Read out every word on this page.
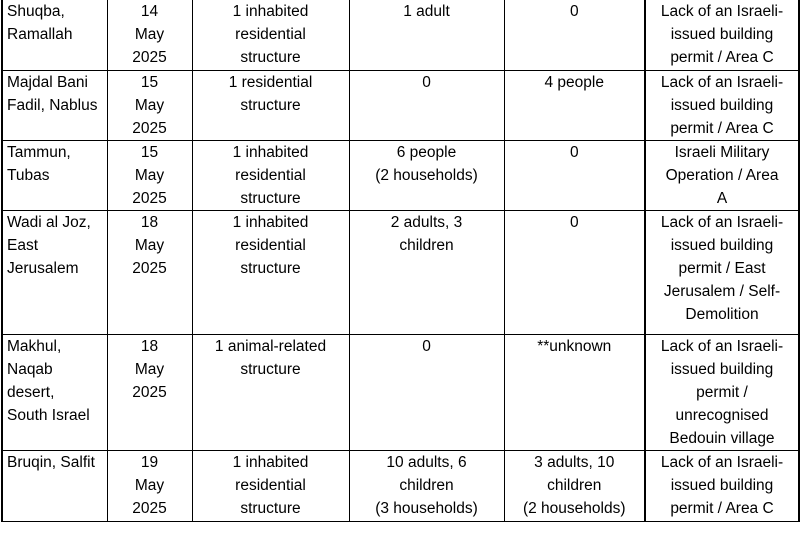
Shuqba,
Ramallah	14
May
2025	1 inhabited
residential
structure	1 adult	0	Lack of an Israeli-
issued building
permit / Area C
Majdal Bani
Fadil, Nablus	15
May
2025	1 residential
structure	0	4 people	Lack of an Israeli-
issued building
permit / Area C
Tammun,
Tubas	15
May
2025	1 inhabited
residential
structure	6 people
(2 households)	0	Israeli Military
Operation / Area
A
Wadi al Joz,
East
Jerusalem	18
May
2025	1 inhabited
residential
structure	2 adults, 3
children	0	Lack of an Israeli-
issued building
permit / East
Jerusalem / Self-
Demolition
Makhul,
Naqab desert,
South Israel	18
May
2025	1 animal-related
structure	0	**unknown	Lack of an Israeli-
issued building
permit /
unrecognised
Bedouin village
Bruqin, Salfit	19
May
2025	1 inhabited
residential
structure	10 adults, 6
children
(3 households)	3 adults, 10
children
(2 households)	Lack of an Israeli-
issued building
permit / Area C
